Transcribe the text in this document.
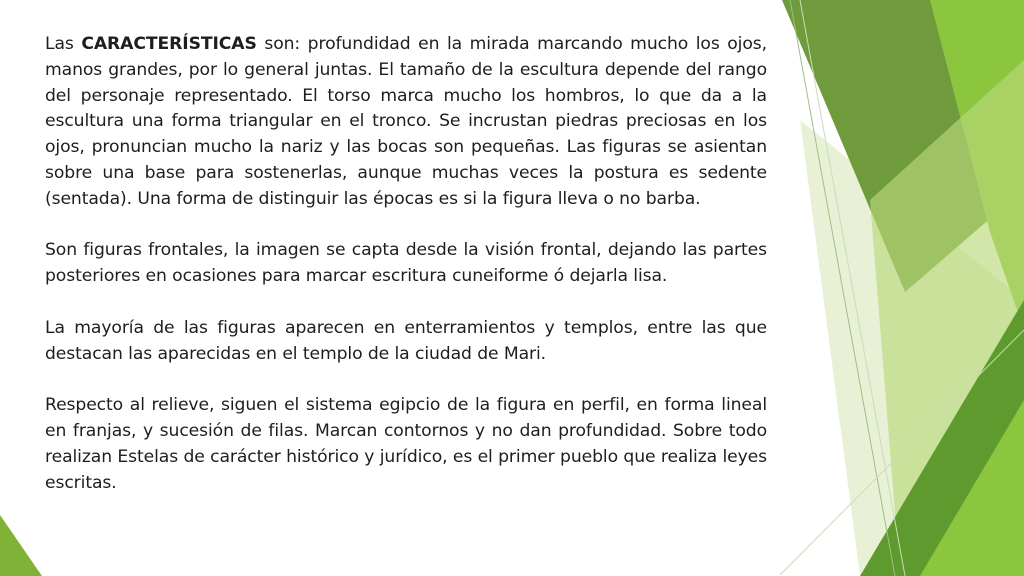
Las CARACTERÍSTICAS son: profundidad en la mirada marcando mucho los ojos, manos grandes, por lo general juntas. El tamaño de la escultura depende del rango del personaje representado. El torso marca mucho los hombros, lo que da a la escultura una forma triangular en el tronco. Se incrustan piedras preciosas en los ojos, pronuncian mucho la nariz y las bocas son pequeñas. Las figuras se asientan sobre una base para sostenerlas, aunque muchas veces la postura es sedente (sentada). Una forma de distinguir las épocas es si la figura lleva o no barba.

Son figuras frontales, la imagen se capta desde la visión frontal, dejando las partes posteriores en ocasiones para marcar escritura cuneiforme ó dejarla lisa.

La mayoría de las figuras aparecen en enterramientos y templos, entre las que destacan las aparecidas en el templo de la ciudad de Mari.

Respecto al relieve, siguen el sistema egipcio de la figura en perfil, en forma lineal en franjas, y sucesión de filas. Marcan contornos y no dan profundidad. Sobre todo realizan Estelas de carácter histórico y jurídico, es el primer pueblo que realiza leyes escritas.
